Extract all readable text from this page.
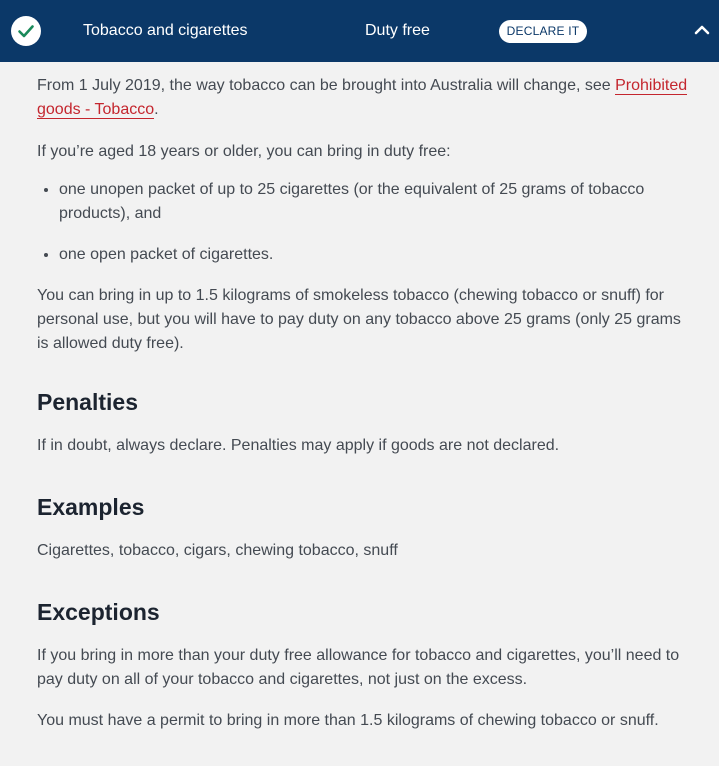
Tobacco and cigarettes	Duty free	DECLARE IT

From 1 July 2019, the way tobacco can be brought into Australia will change, see Prohibited goods - Tobacco.

If you’re aged 18 years or older, you can bring in duty free:

• one unopen packet of up to 25 cigarettes (or the equivalent of 25 grams of tobacco products), and
• one open packet of cigarettes.

You can bring in up to 1.5 kilograms of smokeless tobacco (chewing tobacco or snuff) for personal use, but you will have to pay duty on any tobacco above 25 grams (only 25 grams is allowed duty free).

Penalties

If in doubt, always declare. Penalties may apply if goods are not declared.

Examples

Cigarettes, tobacco, cigars, chewing tobacco, snuff

Exceptions

If you bring in more than your duty free allowance for tobacco and cigarettes, you’ll need to pay duty on all of your tobacco and cigarettes, not just on the excess.

You must have a permit to bring in more than 1.5 kilograms of chewing tobacco or snuff.
